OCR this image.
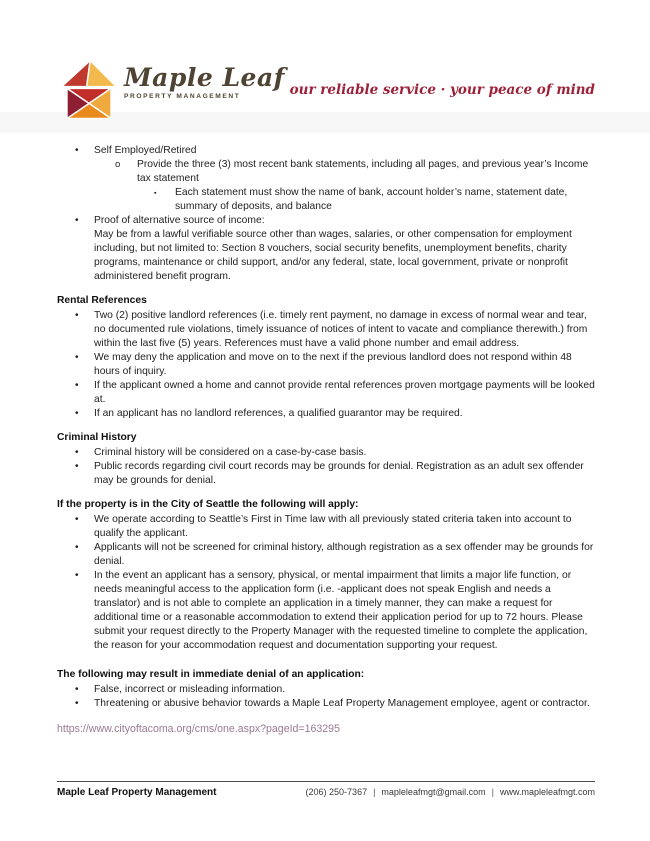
Maple Leaf
PROPERTY MANAGEMENT	our reliable service · your peace of mind
• Self Employed/Retired
o Provide the three (3) most recent bank statements, including all pages, and previous year’s Income tax statement
▪ Each statement must show the name of bank, account holder’s name, statement date, summary of deposits, and balance
• Proof of alternative source of income:
May be from a lawful verifiable source other than wages, salaries, or other compensation for employment including, but not limited to: Section 8 vouchers, social security benefits, unemployment benefits, charity programs, maintenance or child support, and/or any federal, state, local government, private or nonprofit administered benefit program.
Rental References
• Two (2) positive landlord references (i.e. timely rent payment, no damage in excess of normal wear and tear, no documented rule violations, timely issuance of notices of intent to vacate and compliance therewith.) from within the last five (5) years. References must have a valid phone number and email address.
• We may deny the application and move on to the next if the previous landlord does not respond within 48 hours of inquiry.
• If the applicant owned a home and cannot provide rental references proven mortgage payments will be looked at.
• If an applicant has no landlord references, a qualified guarantor may be required.
Criminal History
• Criminal history will be considered on a case-by-case basis.
• Public records regarding civil court records may be grounds for denial. Registration as an adult sex offender may be grounds for denial.
If the property is in the City of Seattle the following will apply:
• We operate according to Seattle’s First in Time law with all previously stated criteria taken into account to qualify the applicant.
• Applicants will not be screened for criminal history, although registration as a sex offender may be grounds for denial.
• In the event an applicant has a sensory, physical, or mental impairment that limits a major life function, or needs meaningful access to the application form (i.e. -applicant does not speak English and needs a translator) and is not able to complete an application in a timely manner, they can make a request for additional time or a reasonable accommodation to extend their application period for up to 72 hours. Please submit your request directly to the Property Manager with the requested timeline to complete the application, the reason for your accommodation request and documentation supporting your request.
The following may result in immediate denial of an application:
• False, incorrect or misleading information.
• Threatening or abusive behavior towards a Maple Leaf Property Management employee, agent or contractor.
https://www.cityoftacoma.org/cms/one.aspx?pageId=163295
Maple Leaf Property Management	(206) 250-7367 | mapleleafmgt@gmail.com | www.mapleleafmgt.com
